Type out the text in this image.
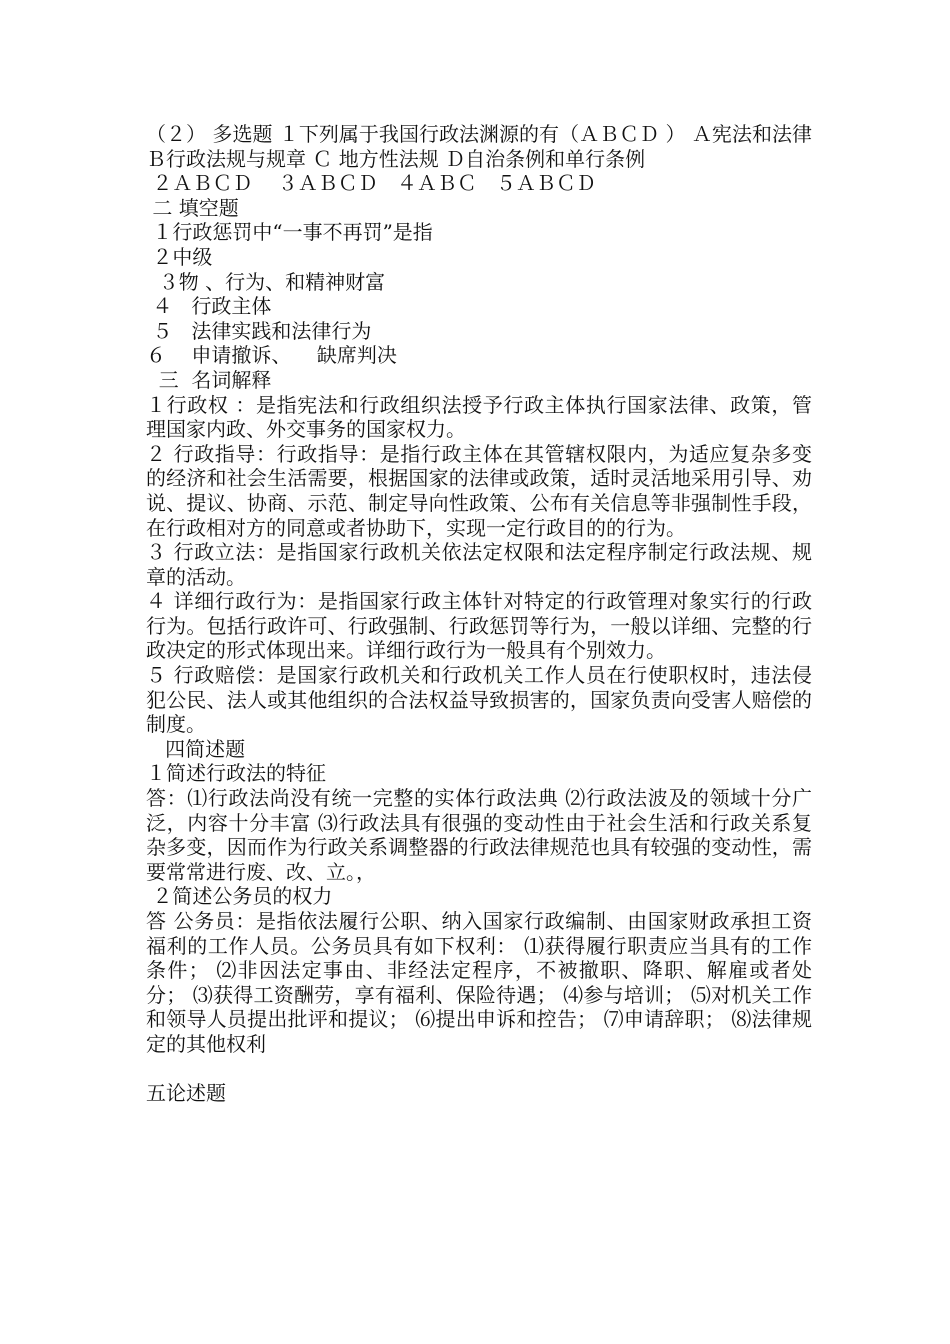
（２） 多选题 １下列属于我国行政法渊源的有（ＡＢＣＤ ） Ａ宪法和法律 Ｂ行政法规与规章 Ｃ 地方性法规 Ｄ自治条例和单行条例
２ＡＢＣＤ    ３ＡＢＣＤ   ４ＡＢＣ   ５ＡＢＣＤ
二 填空题
１行政惩罚中“一事不再罚”是指
２中级
３物 、行为、和精神财富
４   行政主体
５   法律实践和法律行为
６    申请撤诉、    缺席判决
三  名词解释
１行政权 ：是指宪法和行政组织法授予行政主体执行国家法律、政策，管理国家内政、外交事务的国家权力。
２ 行政指导：行政指导：是指行政主体在其管辖权限内，为适应复杂多变的经济和社会生活需要，根据国家的法律或政策，适时灵活地采用引导、劝说、提议、协商、示范、制定导向性政策、公布有关信息等非强制性手段，在行政相对方的同意或者协助下，实现一定行政目的的行为。
３ 行政立法：是指国家行政机关依法定权限和法定程序制定行政法规、规章的活动。
４ 详细行政行为：是指国家行政主体针对特定的行政管理对象实行的行政行为。包括行政许可、行政强制、行政惩罚等行为，一般以详细、完整的行政决定的形式体现出来。详细行政行为一般具有个别效力。
５ 行政赔偿：是国家行政机关和行政机关工作人员在行使职权时，违法侵犯公民、法人或其他组织的合法权益导致损害的，国家负责向受害人赔偿的制度。
四简述题
１简述行政法的特征
答：⑴行政法尚没有统一完整的实体行政法典 ⑵行政法波及的领域十分广泛，内容十分丰富 ⑶行政法具有很强的变动性由于社会生活和行政关系复杂多变，因而作为行政关系调整器的行政法律规范也具有较强的变动性，需要常常进行废、改、立。，
２简述公务员的权力
答 公务员：是指依法履行公职、纳入国家行政编制、由国家财政承担工资福利的工作人员。公务员具有如下权利： ⑴获得履行职责应当具有的工作条件； ⑵非因法定事由、非经法定程序，不被撤职、降职、解雇或者处分； ⑶获得工资酬劳，享有福利、保险待遇； ⑷参与培训； ⑸对机关工作和领导人员提出批评和提议； ⑹提出申诉和控告； ⑺申请辞职； ⑻法律规定的其他权利
五论述题
